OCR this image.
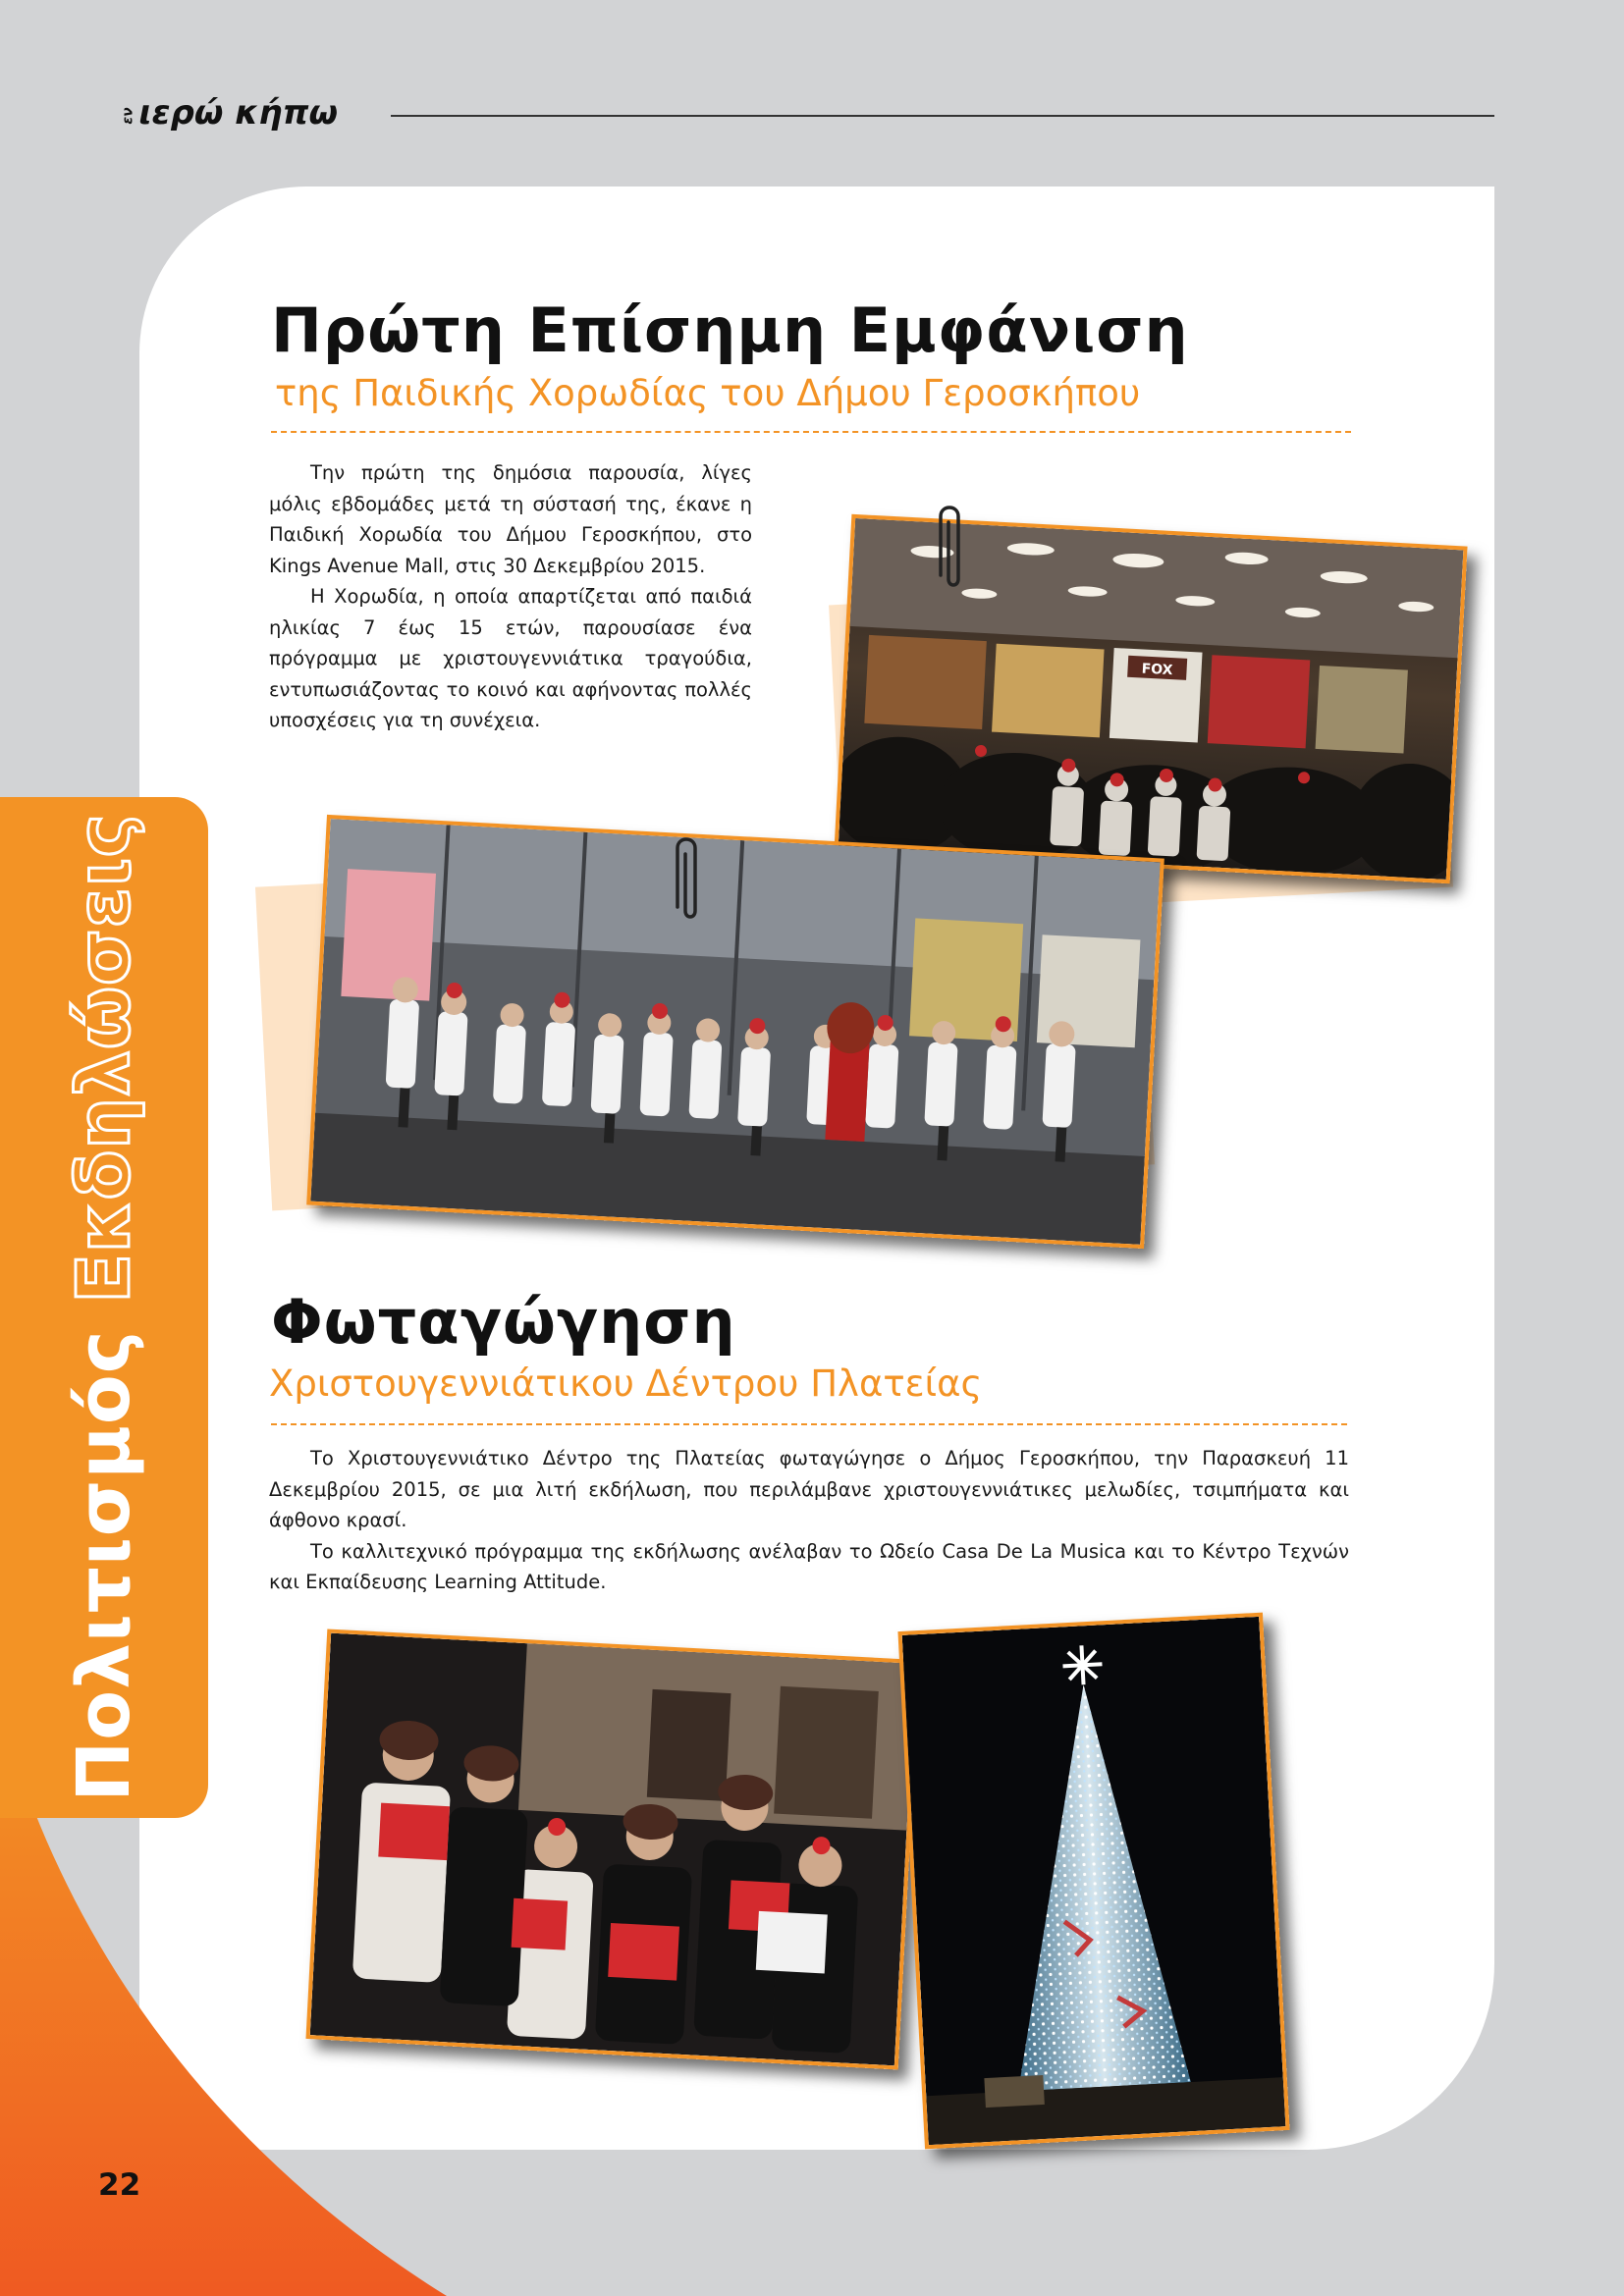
ενιερώ κήπω
Πολιτισμός Εκδηλώσεις
22
Πρώτη Επίσημη Εμφάνιση
της Παιδικής Χορωδίας του Δήμου Γεροσκήπου

Την πρώτη της δημόσια παρουσία, λίγες μόλις εβδομάδες μετά τη σύστασή της, έκανε η Παιδική Χορωδία του Δήμου Γεροσκήπου, στο Kings Avenue Mall, στις 30 Δεκεμβρίου 2015.

Η Χορωδία, η οποία απαρτίζεται από παιδιά ηλικίας 7 έως 15 ετών, παρουσίασε ένα πρόγραμμα με χριστουγεννιάτικα τραγούδια, εντυπωσιάζοντας το κοινό και αφήνοντας πολλές υποσχέσεις για τη συνέχεια.

FOX
Φωταγώγηση
Χριστουγεννιάτικου Δέντρου Πλατείας

Το Χριστουγεννιάτικο Δέντρο της Πλατείας φωταγώγησε ο Δήμος Γεροσκήπου, την Παρασκευή 11 Δεκεμβρίου 2015, σε μια λιτή εκδήλωση, που περιλάμβανε χριστουγεννιάτικες μελωδίες, τσιμπήματα και άφθονο κρασί.

Το καλλιτεχνικό πρόγραμμα της εκδήλωσης ανέλαβαν το Ωδείο Casa De La Musica και το Κέντρο Τεχνών και Εκπαίδευσης Learning Attitude.
